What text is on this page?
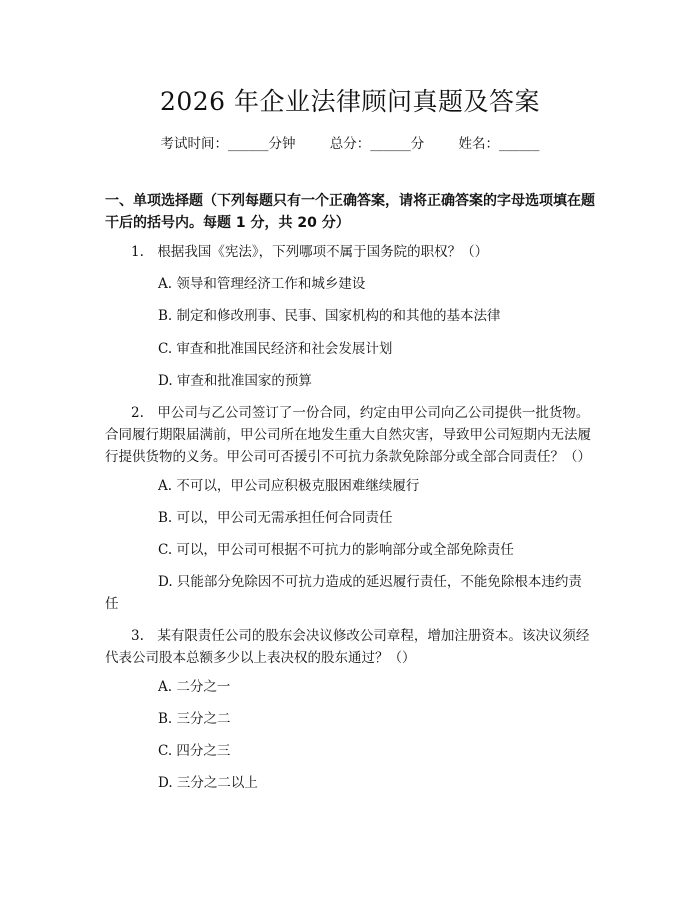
2026 年企业法律顾问真题及答案
考试时间：______分钟	总分：______分	姓名：______
一、单项选择题（下列每题只有一个正确答案，请将正确答案的字母选项填在题干后的括号内。每题 1 分，共 20 分）
1.　根据我国《宪法》，下列哪项不属于国务院的职权？（）
A. 领导和管理经济工作和城乡建设
B. 制定和修改刑事、民事、国家机构的和其他的基本法律
C. 审查和批准国民经济和社会发展计划
D. 审查和批准国家的预算
2.　甲公司与乙公司签订了一份合同，约定由甲公司向乙公司提供一批货物。合同履行期限届满前，甲公司所在地发生重大自然灾害，导致甲公司短期内无法履行提供货物的义务。甲公司可否援引不可抗力条款免除部分或全部合同责任？（）
A. 不可以，甲公司应积极克服困难继续履行
B. 可以，甲公司无需承担任何合同责任
C. 可以，甲公司可根据不可抗力的影响部分或全部免除责任
D. 只能部分免除因不可抗力造成的延迟履行责任，不能免除根本违约责任
3.　某有限责任公司的股东会决议修改公司章程，增加注册资本。该决议须经代表公司股本总额多少以上表决权的股东通过？（）
A. 二分之一
B. 三分之二
C. 四分之三
D. 三分之二以上
